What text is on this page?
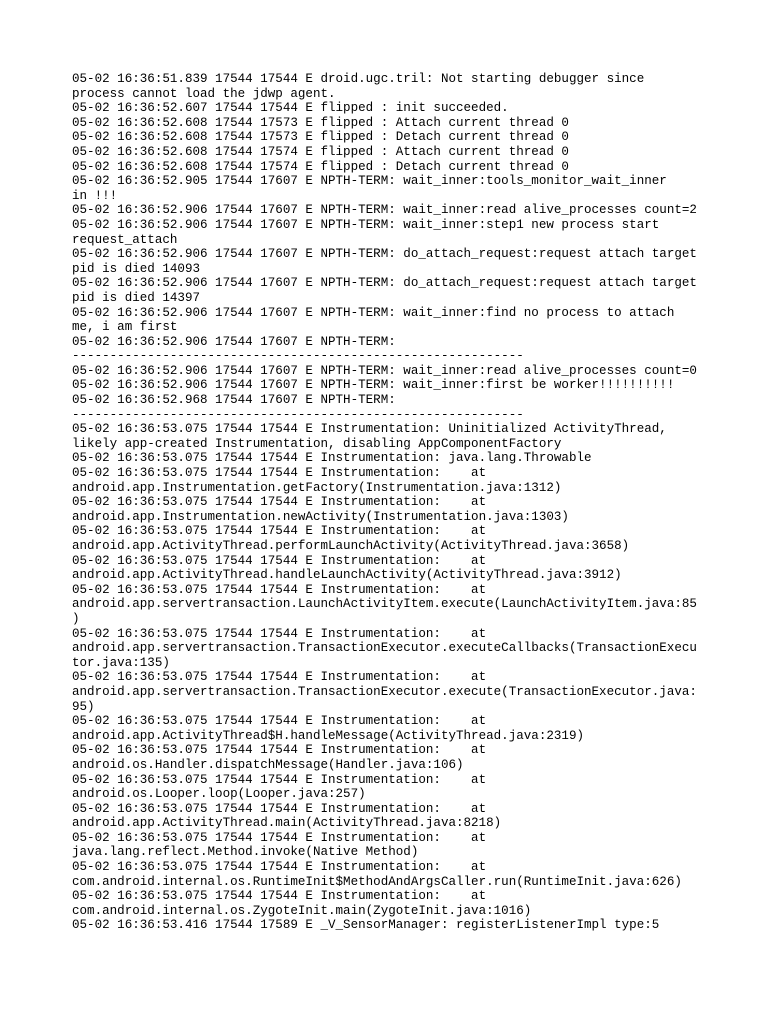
05-02 16:36:51.839 17544 17544 E droid.ugc.tril: Not starting debugger since
process cannot load the jdwp agent.
05-02 16:36:52.607 17544 17544 E flipped : init succeeded.
05-02 16:36:52.608 17544 17573 E flipped : Attach current thread 0
05-02 16:36:52.608 17544 17573 E flipped : Detach current thread 0
05-02 16:36:52.608 17544 17574 E flipped : Attach current thread 0
05-02 16:36:52.608 17544 17574 E flipped : Detach current thread 0
05-02 16:36:52.905 17544 17607 E NPTH-TERM: wait_inner:tools_monitor_wait_inner
in !!!
05-02 16:36:52.906 17544 17607 E NPTH-TERM: wait_inner:read alive_processes count=2
05-02 16:36:52.906 17544 17607 E NPTH-TERM: wait_inner:step1 new process start
request_attach
05-02 16:36:52.906 17544 17607 E NPTH-TERM: do_attach_request:request attach target
pid is died 14093
05-02 16:36:52.906 17544 17607 E NPTH-TERM: do_attach_request:request attach target
pid is died 14397
05-02 16:36:52.906 17544 17607 E NPTH-TERM: wait_inner:find no process to attach
me, i am first
05-02 16:36:52.906 17544 17607 E NPTH-TERM:
------------------------------------------------------------
05-02 16:36:52.906 17544 17607 E NPTH-TERM: wait_inner:read alive_processes count=0
05-02 16:36:52.906 17544 17607 E NPTH-TERM: wait_inner:first be worker!!!!!!!!!!
05-02 16:36:52.968 17544 17607 E NPTH-TERM:
------------------------------------------------------------
05-02 16:36:53.075 17544 17544 E Instrumentation: Uninitialized ActivityThread,
likely app-created Instrumentation, disabling AppComponentFactory
05-02 16:36:53.075 17544 17544 E Instrumentation: java.lang.Throwable
05-02 16:36:53.075 17544 17544 E Instrumentation:    at
android.app.Instrumentation.getFactory(Instrumentation.java:1312)
05-02 16:36:53.075 17544 17544 E Instrumentation:    at
android.app.Instrumentation.newActivity(Instrumentation.java:1303)
05-02 16:36:53.075 17544 17544 E Instrumentation:    at
android.app.ActivityThread.performLaunchActivity(ActivityThread.java:3658)
05-02 16:36:53.075 17544 17544 E Instrumentation:    at
android.app.ActivityThread.handleLaunchActivity(ActivityThread.java:3912)
05-02 16:36:53.075 17544 17544 E Instrumentation:    at
android.app.servertransaction.LaunchActivityItem.execute(LaunchActivityItem.java:85
)
05-02 16:36:53.075 17544 17544 E Instrumentation:    at
android.app.servertransaction.TransactionExecutor.executeCallbacks(TransactionExecu
tor.java:135)
05-02 16:36:53.075 17544 17544 E Instrumentation:    at
android.app.servertransaction.TransactionExecutor.execute(TransactionExecutor.java:
95)
05-02 16:36:53.075 17544 17544 E Instrumentation:    at
android.app.ActivityThread$H.handleMessage(ActivityThread.java:2319)
05-02 16:36:53.075 17544 17544 E Instrumentation:    at
android.os.Handler.dispatchMessage(Handler.java:106)
05-02 16:36:53.075 17544 17544 E Instrumentation:    at
android.os.Looper.loop(Looper.java:257)
05-02 16:36:53.075 17544 17544 E Instrumentation:    at
android.app.ActivityThread.main(ActivityThread.java:8218)
05-02 16:36:53.075 17544 17544 E Instrumentation:    at
java.lang.reflect.Method.invoke(Native Method)
05-02 16:36:53.075 17544 17544 E Instrumentation:    at
com.android.internal.os.RuntimeInit$MethodAndArgsCaller.run(RuntimeInit.java:626)
05-02 16:36:53.075 17544 17544 E Instrumentation:    at
com.android.internal.os.ZygoteInit.main(ZygoteInit.java:1016)
05-02 16:36:53.416 17544 17589 E _V_SensorManager: registerListenerImpl type:5
